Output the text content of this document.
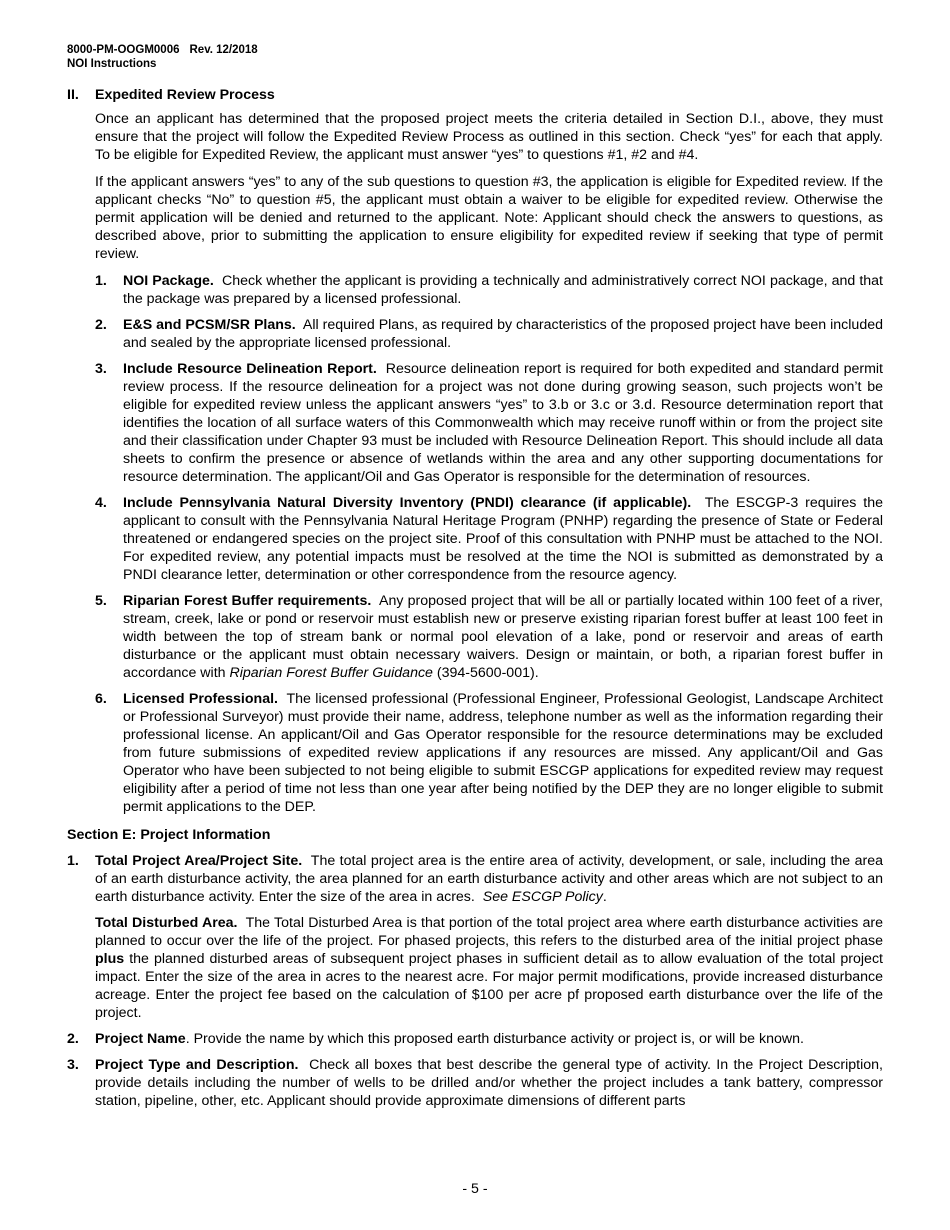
8000-PM-OOGM0006 Rev. 12/2018
NOI Instructions
II. Expedited Review Process

Once an applicant has determined that the proposed project meets the criteria detailed in Section D.I., above, they must ensure that the project will follow the Expedited Review Process as outlined in this section. Check “yes” for each that apply. To be eligible for Expedited Review, the applicant must answer “yes” to questions #1, #2 and #4.

If the applicant answers “yes” to any of the sub questions to question #3, the application is eligible for Expedited review. If the applicant checks “No” to question #5, the applicant must obtain a waiver to be eligible for expedited review. Otherwise the permit application will be denied and returned to the applicant. Note: Applicant should check the answers to questions, as described above, prior to submitting the application to ensure eligibility for expedited review if seeking that type of permit review.

1. NOI Package. Check whether the applicant is providing a technically and administratively correct NOI package, and that the package was prepared by a licensed professional.
2. E&S and PCSM/SR Plans. All required Plans, as required by characteristics of the proposed project have been included and sealed by the appropriate licensed professional.
3. Include Resource Delineation Report. Resource delineation report is required for both expedited and standard permit review process. If the resource delineation for a project was not done during growing season, such projects won’t be eligible for expedited review unless the applicant answers “yes” to 3.b or 3.c or 3.d. Resource determination report that identifies the location of all surface waters of this Commonwealth which may receive runoff within or from the project site and their classification under Chapter 93 must be included with Resource Delineation Report. This should include all data sheets to confirm the presence or absence of wetlands within the area and any other supporting documentations for resource determination. The applicant/Oil and Gas Operator is responsible for the determination of resources.
4. Include Pennsylvania Natural Diversity Inventory (PNDI) clearance (if applicable). The ESCGP-3 requires the applicant to consult with the Pennsylvania Natural Heritage Program (PNHP) regarding the presence of State or Federal threatened or endangered species on the project site. Proof of this consultation with PNHP must be attached to the NOI. For expedited review, any potential impacts must be resolved at the time the NOI is submitted as demonstrated by a PNDI clearance letter, determination or other correspondence from the resource agency.
5. Riparian Forest Buffer requirements. Any proposed project that will be all or partially located within 100 feet of a river, stream, creek, lake or pond or reservoir must establish new or preserve existing riparian forest buffer at least 100 feet in width between the top of stream bank or normal pool elevation of a lake, pond or reservoir and areas of earth disturbance or the applicant must obtain necessary waivers. Design or maintain, or both, a riparian forest buffer in accordance with Riparian Forest Buffer Guidance (394-5600-001).
6. Licensed Professional. The licensed professional (Professional Engineer, Professional Geologist, Landscape Architect or Professional Surveyor) must provide their name, address, telephone number as well as the information regarding their professional license. An applicant/Oil and Gas Operator responsible for the resource determinations may be excluded from future submissions of expedited review applications if any resources are missed. Any applicant/Oil and Gas Operator who have been subjected to not being eligible to submit ESCGP applications for expedited review may request eligibility after a period of time not less than one year after being notified by the DEP they are no longer eligible to submit permit applications to the DEP.
Section E: Project Information
1. Total Project Area/Project Site. The total project area is the entire area of activity, development, or sale, including the area of an earth disturbance activity, the area planned for an earth disturbance activity and other areas which are not subject to an earth disturbance activity. Enter the size of the area in acres. See ESCGP Policy.

Total Disturbed Area. The Total Disturbed Area is that portion of the total project area where earth disturbance activities are planned to occur over the life of the project. For phased projects, this refers to the disturbed area of the initial project phase plus the planned disturbed areas of subsequent project phases in sufficient detail as to allow evaluation of the total project impact. Enter the size of the area in acres to the nearest acre. For major permit modifications, provide increased disturbance acreage. Enter the project fee based on the calculation of $100 per acre pf proposed earth disturbance over the life of the project.

2. Project Name. Provide the name by which this proposed earth disturbance activity or project is, or will be known.
3. Project Type and Description. Check all boxes that best describe the general type of activity. In the Project Description, provide details including the number of wells to be drilled and/or whether the project includes a tank battery, compressor station, pipeline, other, etc. Applicant should provide approximate dimensions of different parts
- 5 -
